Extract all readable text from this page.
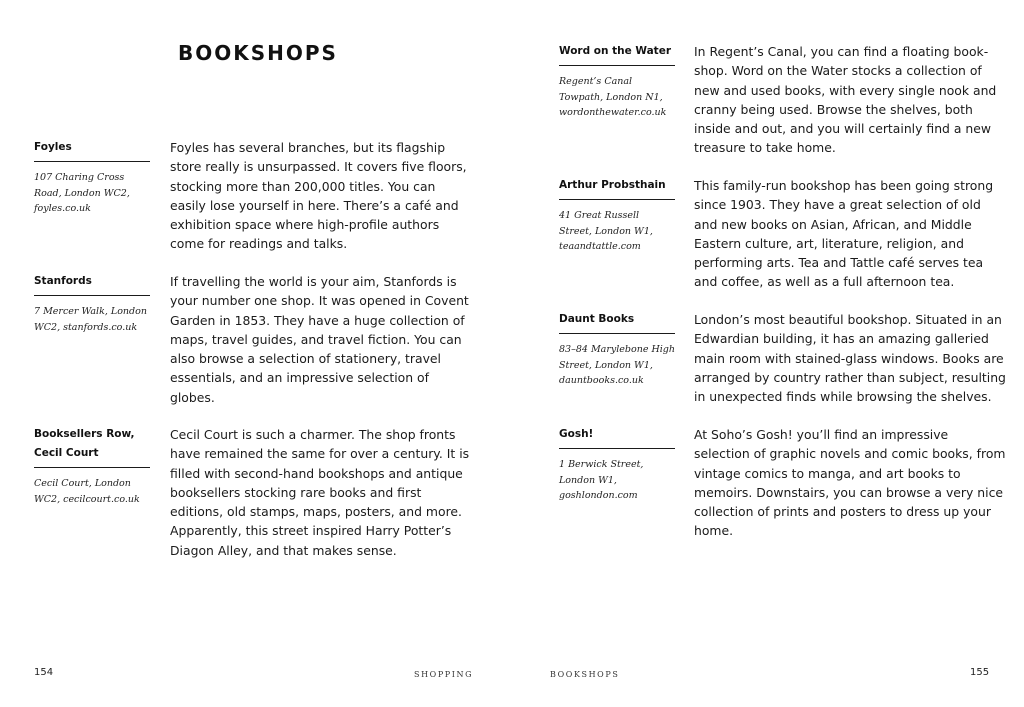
BOOKSHOPS
Foyles
107 Charing Cross Road, London WC2, foyles.co.uk

Foyles has several branches, but its flagship store really is unsurpassed. It covers five floors, stocking more than 200,000 titles. You can easily lose yourself in here. There’s a café and exhibition space where high-profile authors come for readings and talks.

Stanfords
7 Mercer Walk, London WC2, stanfords.co.uk

If travelling the world is your aim, Stanfords is your number one shop. It was opened in Covent Garden in 1853. They have a huge collection of maps, travel guides, and travel fiction. You can also browse a selection of stationery, travel essentials, and an impressive selection of globes.

Booksellers Row, Cecil Court
Cecil Court, London WC2, cecilcourt.co.uk

Cecil Court is such a charmer. The shop fronts have remained the same for over a century. It is filled with second-hand bookshops and antique booksellers stocking rare books and first editions, old stamps, maps, posters, and more. Apparently, this street inspired Harry Potter’s Diagon Alley, and that makes sense.

154	SHOPPING
Word on the Water
Regent’s Canal Towpath, London N1, wordonthewater.co.uk

In Regent’s Canal, you can find a floating book-shop. Word on the Water stocks a collection of new and used books, with every single nook and cranny being used. Browse the shelves, both inside and out, and you will certainly find a new treasure to take home.

Arthur Probsthain
41 Great Russell Street, London W1, teaandtattle.com

This family-run bookshop has been going strong since 1903. They have a great selection of old and new books on Asian, African, and Middle Eastern culture, art, literature, religion, and performing arts. Tea and Tattle café serves tea and coffee, as well as a full afternoon tea.

Daunt Books
83–84 Marylebone High Street, London W1, dauntbooks.co.uk

London’s most beautiful bookshop. Situated in an Edwardian building, it has an amazing galleried main room with stained-glass windows. Books are arranged by country rather than subject, resulting in unexpected finds while browsing the shelves.

Gosh!
1 Berwick Street, London W1, goshlondon.com

At Soho’s Gosh! you’ll find an impressive selection of graphic novels and comic books, from vintage comics to manga, and art books to memoirs. Downstairs, you can browse a very nice collection of prints and posters to dress up your home.

BOOKSHOPS	155
